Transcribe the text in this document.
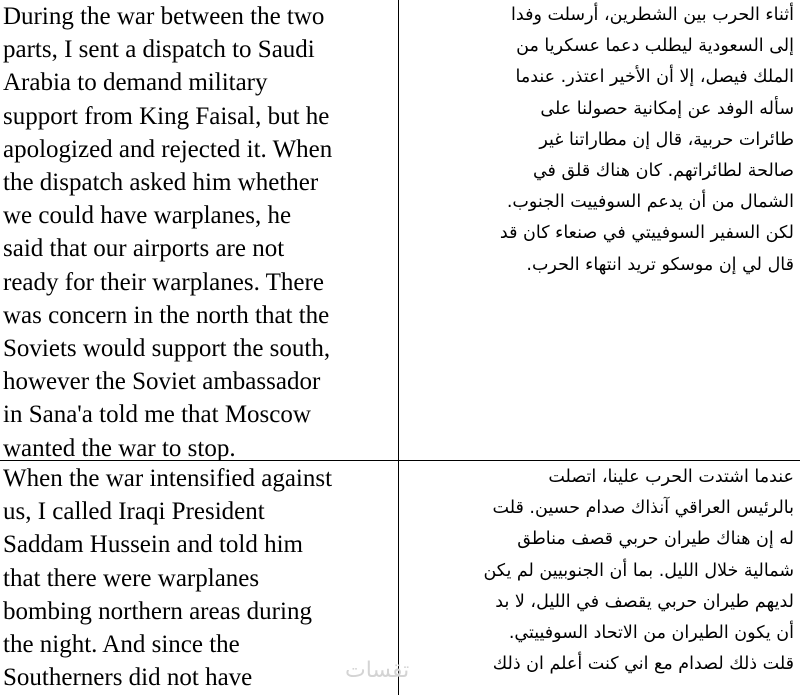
During the war between the two
parts, I sent a dispatch to Saudi
Arabia to demand military
support from King Faisal, but he
apologized and rejected it. When
the dispatch asked him whether
we could have warplanes, he
said that our airports are not
ready for their warplanes. There
was concern in the north that the
Soviets would support the south,
however the Soviet ambassador
in Sana'a told me that Moscow
wanted the war to stop.
أثناء الحرب بين الشطرين، أرسلت وفدا
إلى السعودية ليطلب دعما عسكريا من
الملك فيصل، إلا أن الأخير اعتذر. عندما
سأله الوفد عن إمكانية حصولنا على
طائرات حربية، قال إن مطاراتنا غير
صالحة لطائراتهم. كان هناك قلق في
الشمال من أن يدعم السوفييت الجنوب.
لكن السفير السوفييتي في صنعاء كان قد
قال لي إن موسكو تريد انتهاء الحرب.
When the war intensified against
us, I called Iraqi President
Saddam Hussein and told him
that there were warplanes
bombing northern areas during
the night. And since the
Southerners did not have
عندما اشتدت الحرب علينا، اتصلت
بالرئيس العراقي آنذاك صدام حسين. قلت
له إن هناك طيران حربي قصف مناطق
شمالية خلال الليل. بما أن الجنوبيين لم يكن
لديهم طيران حربي يقصف في الليل، لا بد
أن يكون الطيران من الاتحاد السوفييتي.
قلت ذلك لصدام مع اني كنت أعلم ان ذلك
تقسات
